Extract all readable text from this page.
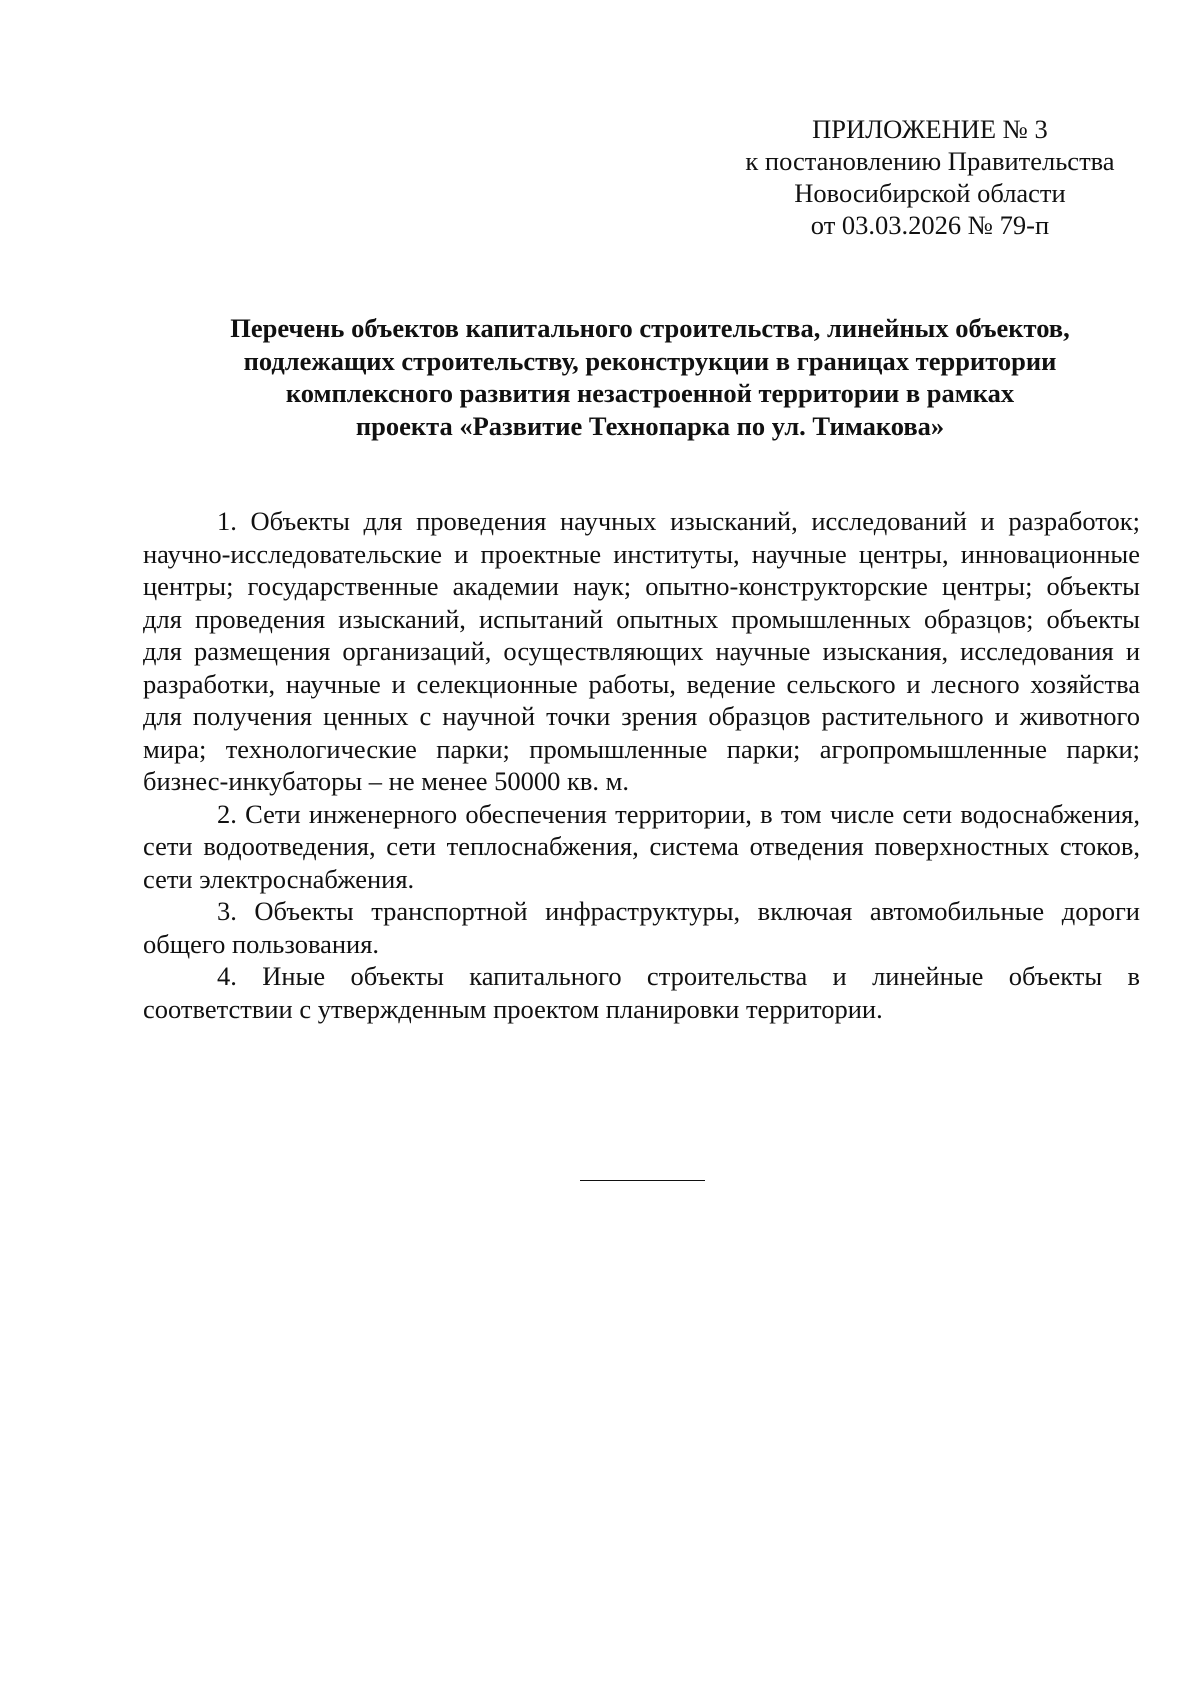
ПРИЛОЖЕНИЕ № 3
к постановлению Правительства
Новосибирской области
от 03.03.2026 № 79-п
Перечень объектов капитального строительства, линейных объектов,
подлежащих строительству, реконструкции в границах территории
комплексного развития незастроенной территории в рамках
проекта «Развитие Технопарка по ул. Тимакова»

1. Объекты для проведения научных изысканий, исследований и разработок; научно-исследовательские и проектные институты, научные центры, инновационные центры; государственные академии наук; опытно-конструкторские центры; объекты для проведения изысканий, испытаний опытных промышленных образцов; объекты для размещения организаций, осуществляющих научные изыскания, исследования и разработки, научные и селекционные работы, ведение сельского и лесного хозяйства для получения ценных с научной точки зрения образцов растительного и животного мира; технологические парки; промышленные парки; агропромышленные парки; бизнес-инкубаторы – не менее 50000 кв. м.

2. Сети инженерного обеспечения территории, в том числе сети водоснабжения, сети водоотведения, сети теплоснабжения, система отведения поверхностных стоков, сети электроснабжения.

3. Объекты транспортной инфраструктуры, включая автомобильные дороги общего пользования.

4. Иные объекты капитального строительства и линейные объекты в соответствии с утвержденным проектом планировки территории.
